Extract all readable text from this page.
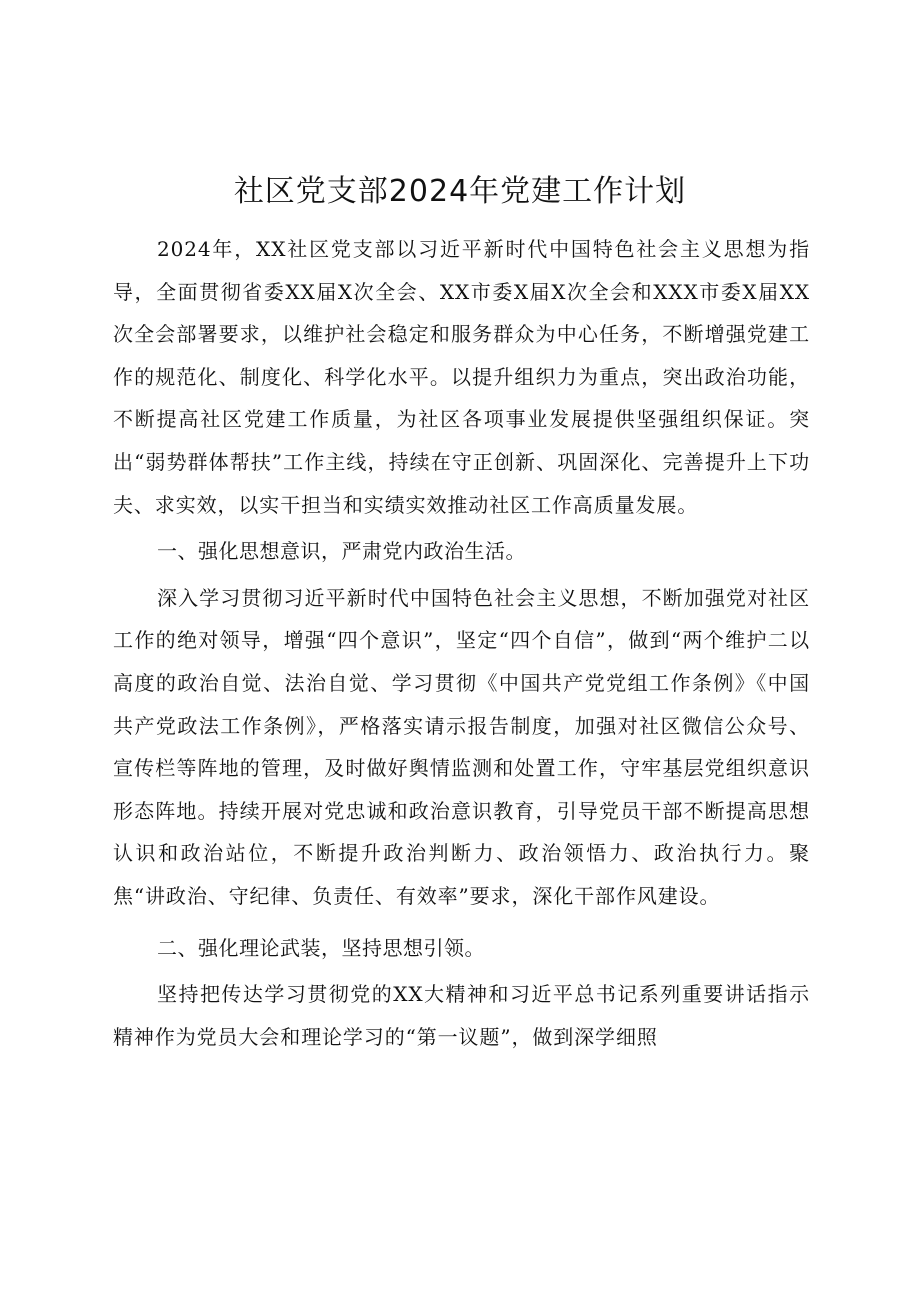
社区党支部2024年党建工作计划

2024年，XX社区党支部以习近平新时代中国特色社会主义思想为指导，全面贯彻省委XX届X次全会、XX市委X届X次全会和XXX市委X届XX次全会部署要求，以维护社会稳定和服务群众为中心任务，不断增强党建工作的规范化、制度化、科学化水平。以提升组织力为重点，突出政治功能，不断提高社区党建工作质量，为社区各项事业发展提供坚强组织保证。突出“弱势群体帮扶”工作主线，持续在守正创新、巩固深化、完善提升上下功夫、求实效，以实干担当和实绩实效推动社区工作高质量发展。

一、强化思想意识，严肃党内政治生活。

深入学习贯彻习近平新时代中国特色社会主义思想，不断加强党对社区工作的绝对领导，增强“四个意识”，坚定“四个自信”，做到“两个维护二以高度的政治自觉、法治自觉、学习贯彻《中国共产党党组工作条例》《中国共产党政法工作条例》，严格落实请示报告制度，加强对社区微信公众号、宣传栏等阵地的管理，及时做好舆情监测和处置工作，守牢基层党组织意识形态阵地。持续开展对党忠诚和政治意识教育，引导党员干部不断提高思想认识和政治站位，不断提升政治判断力、政治领悟力、政治执行力。聚焦“讲政治、守纪律、负责任、有效率”要求，深化干部作风建设。

二、强化理论武装，坚持思想引领。

坚持把传达学习贯彻党的XX大精神和习近平总书记系列重要讲话指示精神作为党员大会和理论学习的“第一议题”，做到深学细照
